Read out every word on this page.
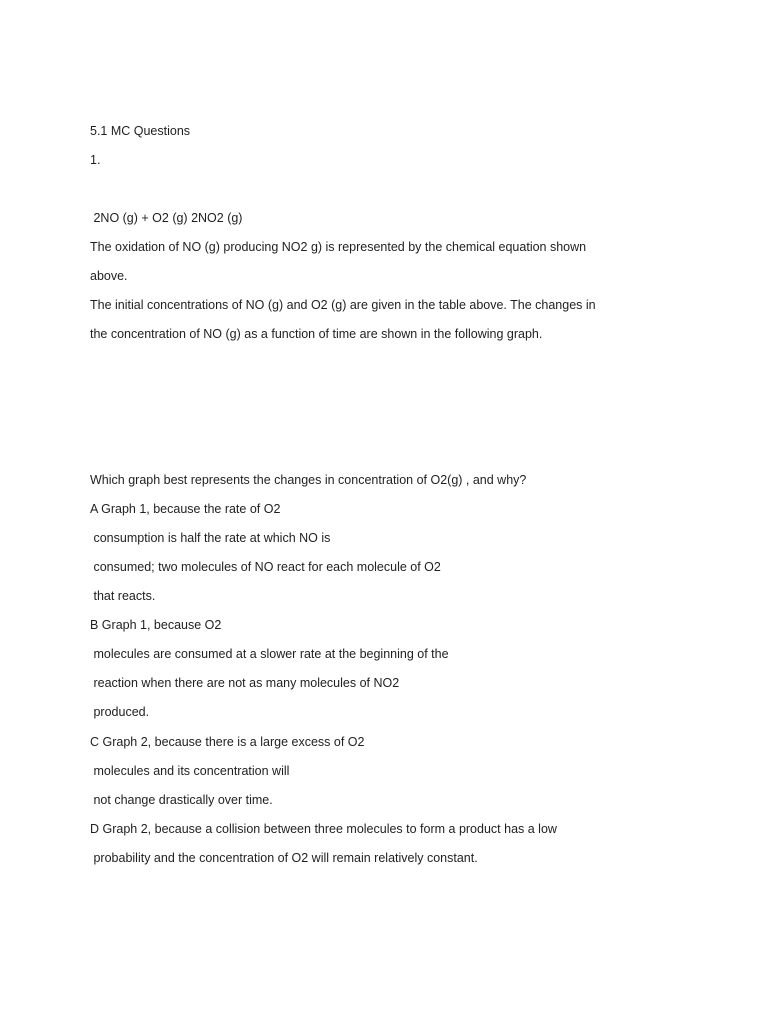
5.1 MC Questions

1.

2NO (g) + O2 (g) 2NO2 (g)

The oxidation of NO (g) producing NO2 g) is represented by the chemical equation shown

above.

The initial concentrations of NO (g) and O2 (g) are given in the table above. The changes in

the concentration of NO (g) as a function of time are shown in the following graph.

Which graph best represents the changes in concentration of O2(g) , and why?

A Graph 1, because the rate of O2

consumption is half the rate at which NO is

consumed; two molecules of NO react for each molecule of O2

that reacts.

B Graph 1, because O2

molecules are consumed at a slower rate at the beginning of the

reaction when there are not as many molecules of NO2

produced.

C Graph 2, because there is a large excess of O2

molecules and its concentration will

not change drastically over time.

D Graph 2, because a collision between three molecules to form a product has a low

probability and the concentration of O2 will remain relatively constant.
